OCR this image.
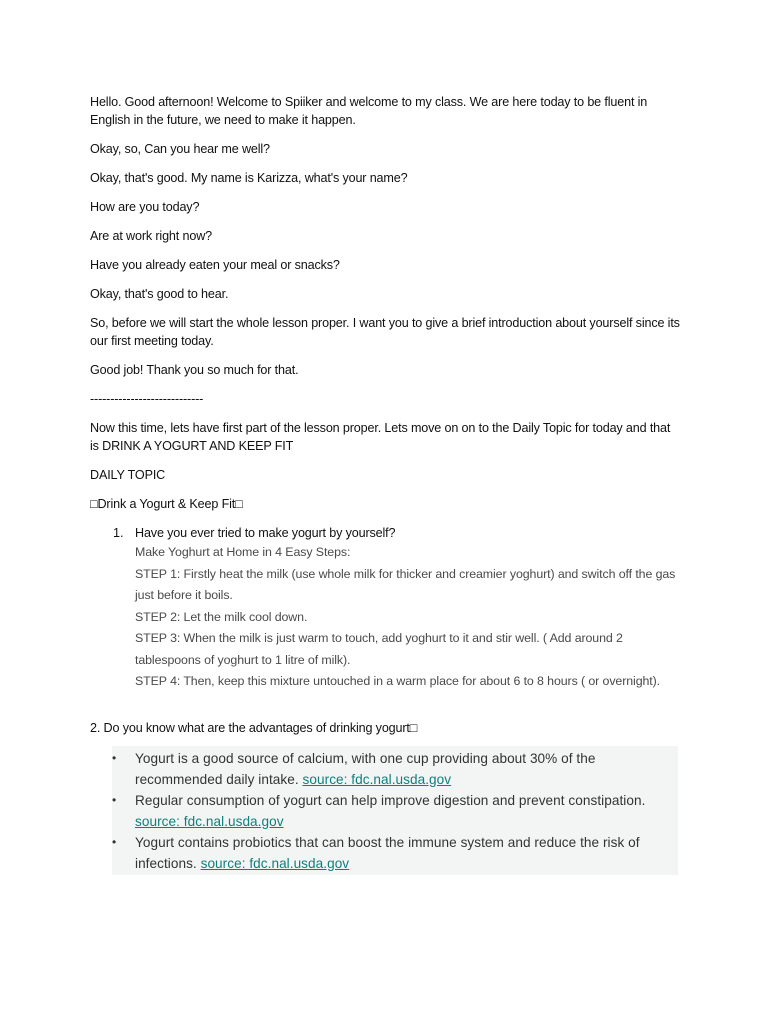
Hello. Good afternoon! Welcome to Spiiker and welcome to my class. We are here today to be fluent in English in the future, we need to make it happen.

Okay, so, Can you hear me well?

Okay, that's good. My name is Karizza, what's your name?

How are you today?

Are at work right now?

Have you already eaten your meal or snacks?

Okay, that's good to hear.

So, before we will start the whole lesson proper. I want you to give a brief introduction about yourself since its our first meeting today.

Good job! Thank you so much for that.

----------------------------

Now this time, lets have first part of the lesson proper. Lets move on on to the Daily Topic for today and that is DRINK A YOGURT AND KEEP FIT

DAILY TOPIC

□Drink a Yogurt & Keep Fit□

1. Have you ever tried to make yogurt by yourself?
Make Yoghurt at Home in 4 Easy Steps:
STEP 1: Firstly heat the milk (use whole milk for thicker and creamier yoghurt) and switch off the gas just before it boils.
STEP 2: Let the milk cool down.
STEP 3: When the milk is just warm to touch, add yoghurt to it and stir well. ( Add around 2 tablespoons of yoghurt to 1 litre of milk).
STEP 4: Then, keep this mixture untouched in a warm place for about 6 to 8 hours ( or overnight).

2. Do you know what are the advantages of drinking yogurt□

• Yogurt is a good source of calcium, with one cup providing about 30% of the recommended daily intake. source: fdc.nal.usda.gov
• Regular consumption of yogurt can help improve digestion and prevent constipation. source: fdc.nal.usda.gov
• Yogurt contains probiotics that can boost the immune system and reduce the risk of infections. source: fdc.nal.usda.gov
